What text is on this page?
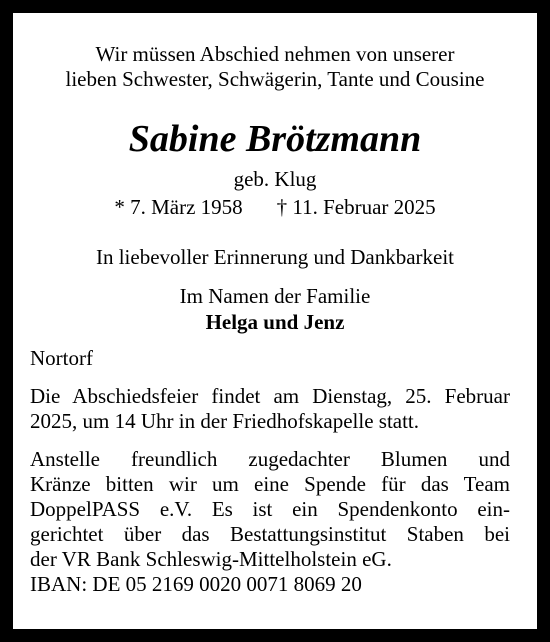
Wir müssen Abschied nehmen von unserer
lieben Schwester, Schwägerin, Tante und Cousine
Sabine Brötzmann
geb. Klug
* 7. März 1958 † 11. Februar 2025
In liebevoller Erinnerung und Dankbarkeit
Im Namen der Familie
Helga und Jenz
Nortorf
Die Abschiedsfeier findet am Dienstag, 25. Februar
2025, um 14 Uhr in der Friedhofskapelle statt.
Anstelle freundlich zugedachter Blumen und
Kränze bitten wir um eine Spende für das Team
DoppelPASS e.V. Es ist ein Spendenkonto ein-
gerichtet über das Bestattungsinstitut Staben bei
der VR Bank Schleswig-Mittelholstein eG.
IBAN: DE 05 2169 0020 0071 8069 20
